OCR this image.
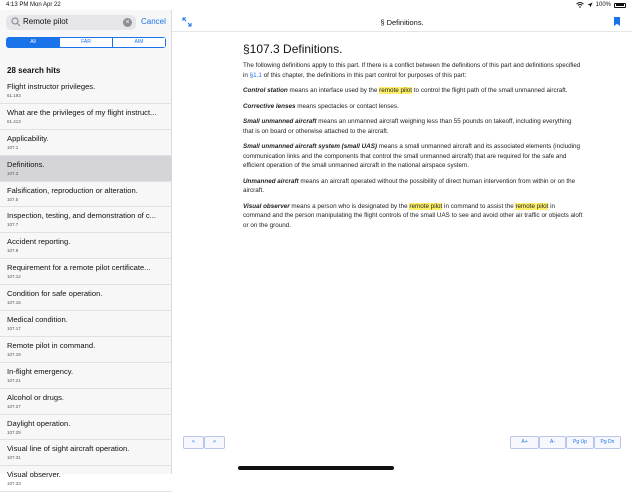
4:13 PM Mon Apr 22	100%
Remote pilot	×	Cancel
All	FAR	AIM
28 search hits
Flight instructor privileges.
61.193
What are the privileges of my flight instruct...
61.413
Applicability.
107.1
Definitions.
107.3
Falsification, reproduction or alteration.
107.5
Inspection, testing, and demonstration of c...
107.7
Accident reporting.
107.9
Requirement for a remote pilot certificate...
107.12
Condition for safe operation.
107.15
Medical condition.
107.17
Remote pilot in command.
107.19
In-flight emergency.
107.21
Alcohol or drugs.
107.27
Daylight operation.
107.29
Visual line of sight aircraft operation.
107.31
Visual observer.
107.33
§ Definitions.
§107.3 Definitions.

The following definitions apply to this part. If there is a conflict between the definitions of this part and definitions specified in §1.1 of this chapter, the definitions in this part control for purposes of this part:

Control station means an interface used by the remote pilot to control the flight path of the small unmanned aircraft.

Corrective lenses means spectacles or contact lenses.

Small unmanned aircraft means an unmanned aircraft weighing less than 55 pounds on takeoff, including everything that is on board or otherwise attached to the aircraft.

Small unmanned aircraft system (small UAS) means a small unmanned aircraft and its associated elements (including communication links and the components that control the small unmanned aircraft) that are required for the safe and efficient operation of the small unmanned aircraft in the national airspace system.

Unmanned aircraft means an aircraft operated without the possibility of direct human intervention from within or on the aircraft.

Visual observer means a person who is designated by the remote pilot in command to assist the remote pilot in command and the person manipulating the flight controls of the small UAS to see and avoid other air traffic or objects aloft or on the ground.

<	>	A+	A-	Pg Up	Pg Dn
